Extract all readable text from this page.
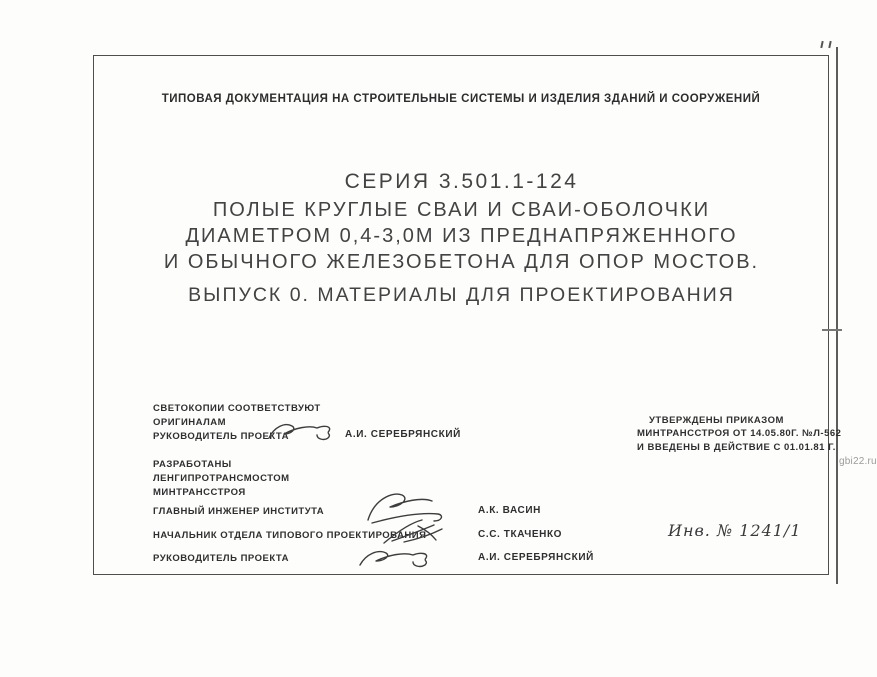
ТИПОВАЯ ДОКУМЕНТАЦИЯ НА СТРОИТЕЛЬНЫЕ СИСТЕМЫ И ИЗДЕЛИЯ ЗДАНИЙ И СООРУЖЕНИЙ
СЕРИЯ 3.501.1-124
ПОЛЫЕ КРУГЛЫЕ СВАИ И СВАИ-ОБОЛОЧКИ
ДИАМЕТРОМ 0,4-3,0М ИЗ ПРЕДНАПРЯЖЕННОГО
И ОБЫЧНОГО ЖЕЛЕЗОБЕТОНА ДЛЯ ОПОР МОСТОВ.
ВЫПУСК 0. МАТЕРИАЛЫ ДЛЯ ПРОЕКТИРОВАНИЯ
СВЕТОКОПИИ СООТВЕТСТВУЮТ
ОРИГИНАЛАМ
РУКОВОДИТЕЛЬ ПРОЕКТА	А.И. СЕРЕБРЯНСКИЙ
РАЗРАБОТАНЫ
ЛЕНГИПРОТРАНСМОСТОМ
МИНТРАНССТРОЯ
ГЛАВНЫЙ ИНЖЕНЕР ИНСТИТУТА	А.К. ВАСИН
НАЧАЛЬНИК ОТДЕЛА ТИПОВОГО ПРОЕКТИРОВАНИЯ	С.С. ТКАЧЕНКО
РУКОВОДИТЕЛЬ ПРОЕКТА	А.И. СЕРЕБРЯНСКИЙ
УТВЕРЖДЕНЫ ПРИКАЗОМ
МИНТРАНССТРОЯ ОТ 14.05.80Г. №Л-562
И ВВЕДЕНЫ В ДЕЙСТВИЕ С 01.01.81 Г.
Инв. № 1241/1
gbi22.ru
